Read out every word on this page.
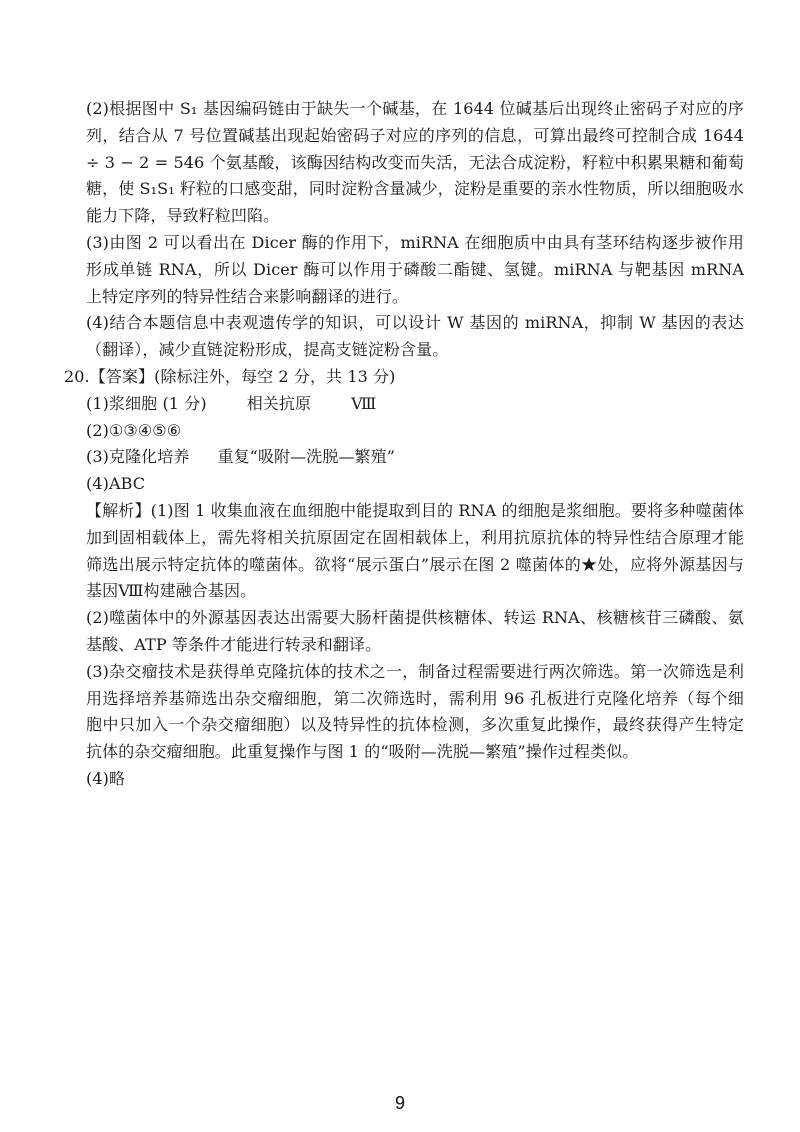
(2)根据图中 S₁ 基因编码链由于缺失一个碱基，在 1644 位碱基后出现终止密码子对应的序列，结合从 7 号位置碱基出现起始密码子对应的序列的信息，可算出最终可控制合成 1644 ÷ 3 − 2 = 546 个氨基酸，该酶因结构改变而失活，无法合成淀粉，籽粒中积累果糖和葡萄糖，使 S₁S₁ 籽粒的口感变甜，同时淀粉含量减少，淀粉是重要的亲水性物质，所以细胞吸水能力下降，导致籽粒凹陷。
(3)由图 2 可以看出在 Dicer 酶的作用下，miRNA 在细胞质中由具有茎环结构逐步被作用形成单链 RNA，所以 Dicer 酶可以作用于磷酸二酯键、氢键。miRNA 与靶基因 mRNA 上特定序列的特异性结合来影响翻译的进行。
(4)结合本题信息中表观遗传学的知识，可以设计 W 基因的 miRNA，抑制 W 基因的表达（翻译），减少直链淀粉形成，提高支链淀粉含量。
20.【答案】(除标注外，每空 2 分，共 13 分)
(1)浆细胞 (1 分)	相关抗原	Ⅷ
(2)①③④⑤⑥
(3)克隆化培养 重复“吸附—洗脱—繁殖”
(4)ABC
【解析】(1)图 1 收集血液在血细胞中能提取到目的 RNA 的细胞是浆细胞。要将多种噬菌体加到固相载体上，需先将相关抗原固定在固相载体上，利用抗原抗体的特异性结合原理才能筛选出展示特定抗体的噬菌体。欲将“展示蛋白”展示在图 2 噬菌体的★处，应将外源基因与基因Ⅷ构建融合基因。
(2)噬菌体中的外源基因表达出需要大肠杆菌提供核糖体、转运 RNA、核糖核苷三磷酸、氨基酸、ATP 等条件才能进行转录和翻译。
(3)杂交瘤技术是获得单克隆抗体的技术之一，制备过程需要进行两次筛选。第一次筛选是利用选择培养基筛选出杂交瘤细胞，第二次筛选时，需利用 96 孔板进行克隆化培养（每个细胞中只加入一个杂交瘤细胞）以及特异性的抗体检测，多次重复此操作，最终获得产生特定抗体的杂交瘤细胞。此重复操作与图 1 的“吸附—洗脱—繁殖”操作过程类似。
(4)略
9
